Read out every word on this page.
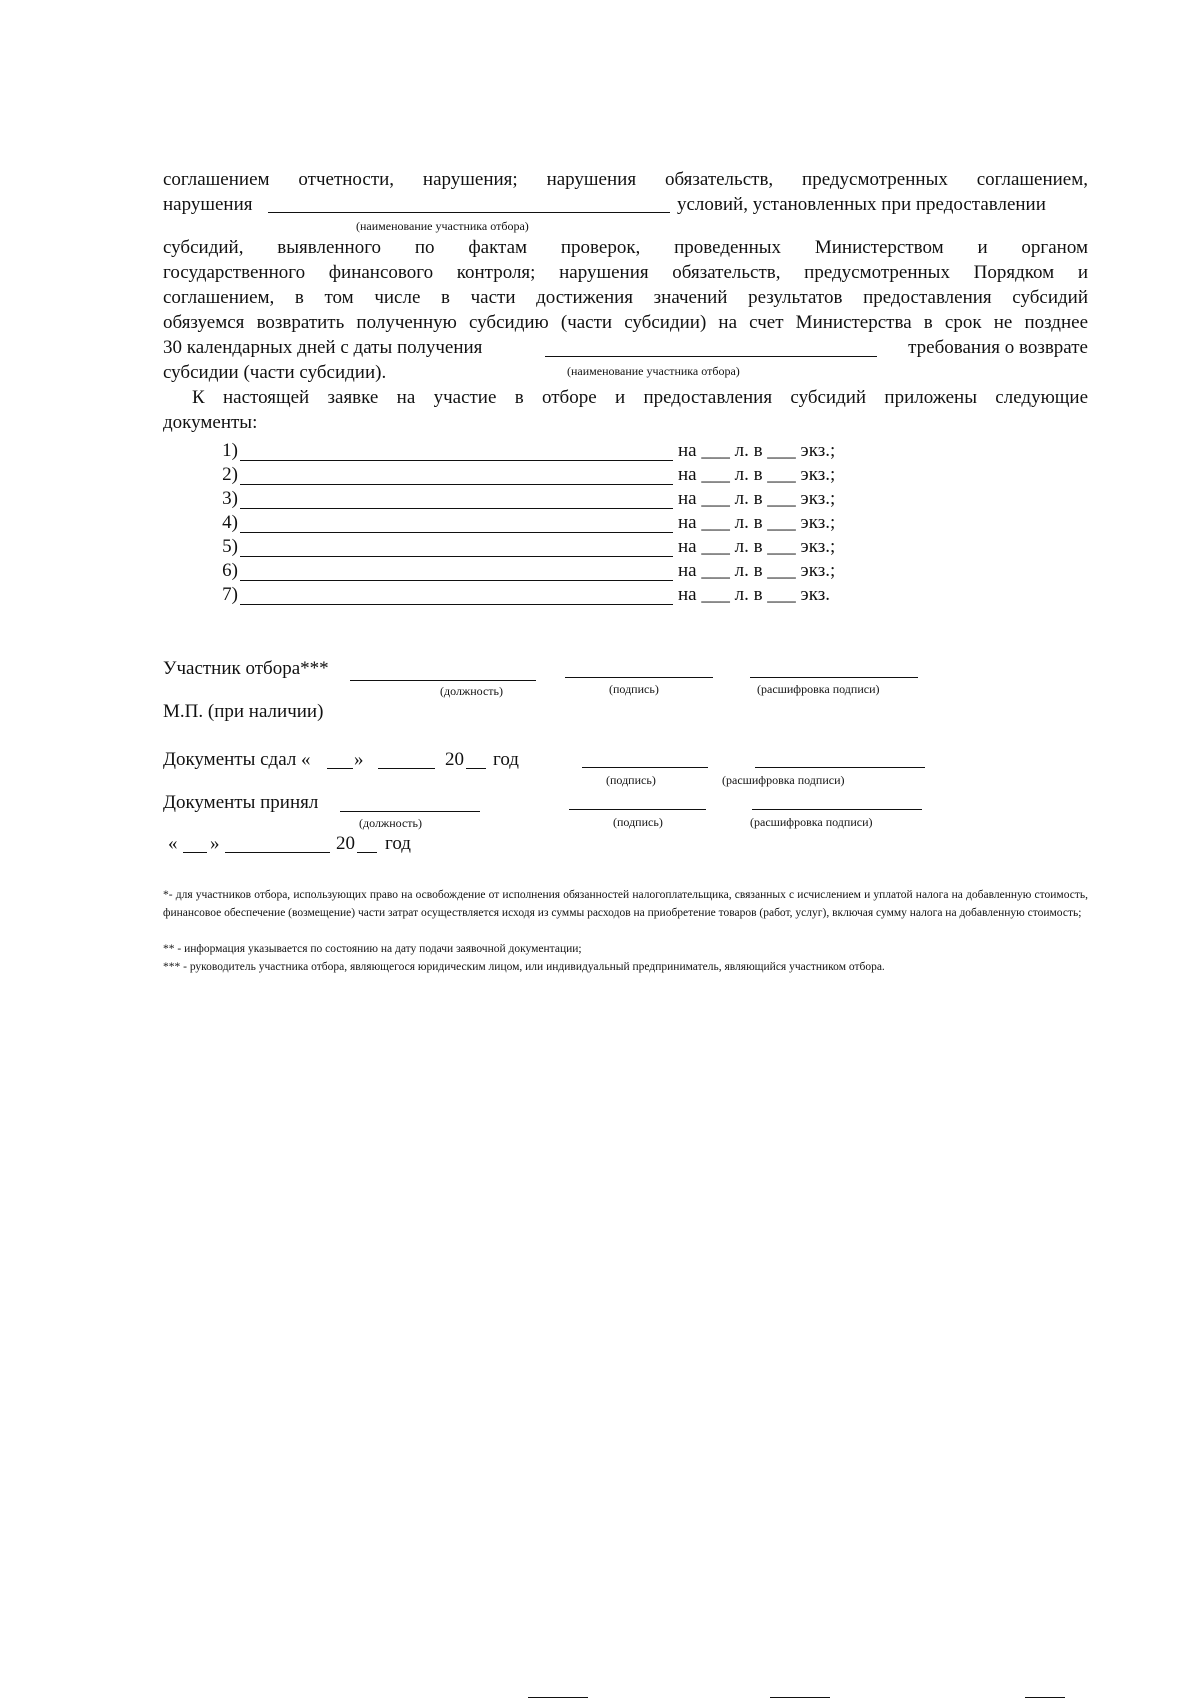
соглашением отчетности, нарушения; нарушения обязательств, предусмотренных соглашением,
нарушения	условий, установленных при предоставлении
(наименование участника отбора)
субсидий, выявленного по фактам проверок, проведенных Министерством и органом
государственного финансового контроля; нарушения обязательств, предусмотренных Порядком и
соглашением, в том числе в части достижения значений результатов предоставления субсидий
обязуемся возвратить полученную субсидию (части субсидии) на счет Министерства в срок не позднее
30 календарных дней с даты получения	требования о возврате
субсидии (части субсидии).	(наименование участника отбора)
К настоящей заявке на участие в отборе и предоставления субсидий приложены следующие
документы:
1)	на ___ л. в ___ экз.;
2)	на ___ л. в ___ экз.;
3)	на ___ л. в ___ экз.;
4)	на ___ л. в ___ экз.;
5)	на ___ л. в ___ экз.;
6)	на ___ л. в ___ экз.;
7)	на ___ л. в ___ экз.
Участник отбора***
(должность)	(подпись)	(расшифровка подписи)
М.П. (при наличии)
Документы сдал « »	20 год
(подпись)	(расшифровка подписи)
Документы принял
(должность)	(подпись)	(расшифровка подписи)
« »	20 год
*- для участников отбора, использующих право на освобождение от исполнения обязанностей налогоплательщика, связанных с исчислением и уплатой налога на добавленную стоимость, финансовое обеспечение (возмещение) части затрат осуществляется исходя из суммы расходов на приобретение товаров (работ, услуг), включая сумму налога на добавленную стоимость;
** - информация указывается по состоянию на дату подачи заявочной документации;
*** - руководитель участника отбора, являющегося юридическим лицом, или индивидуальный предприниматель, являющийся участником отбора.
